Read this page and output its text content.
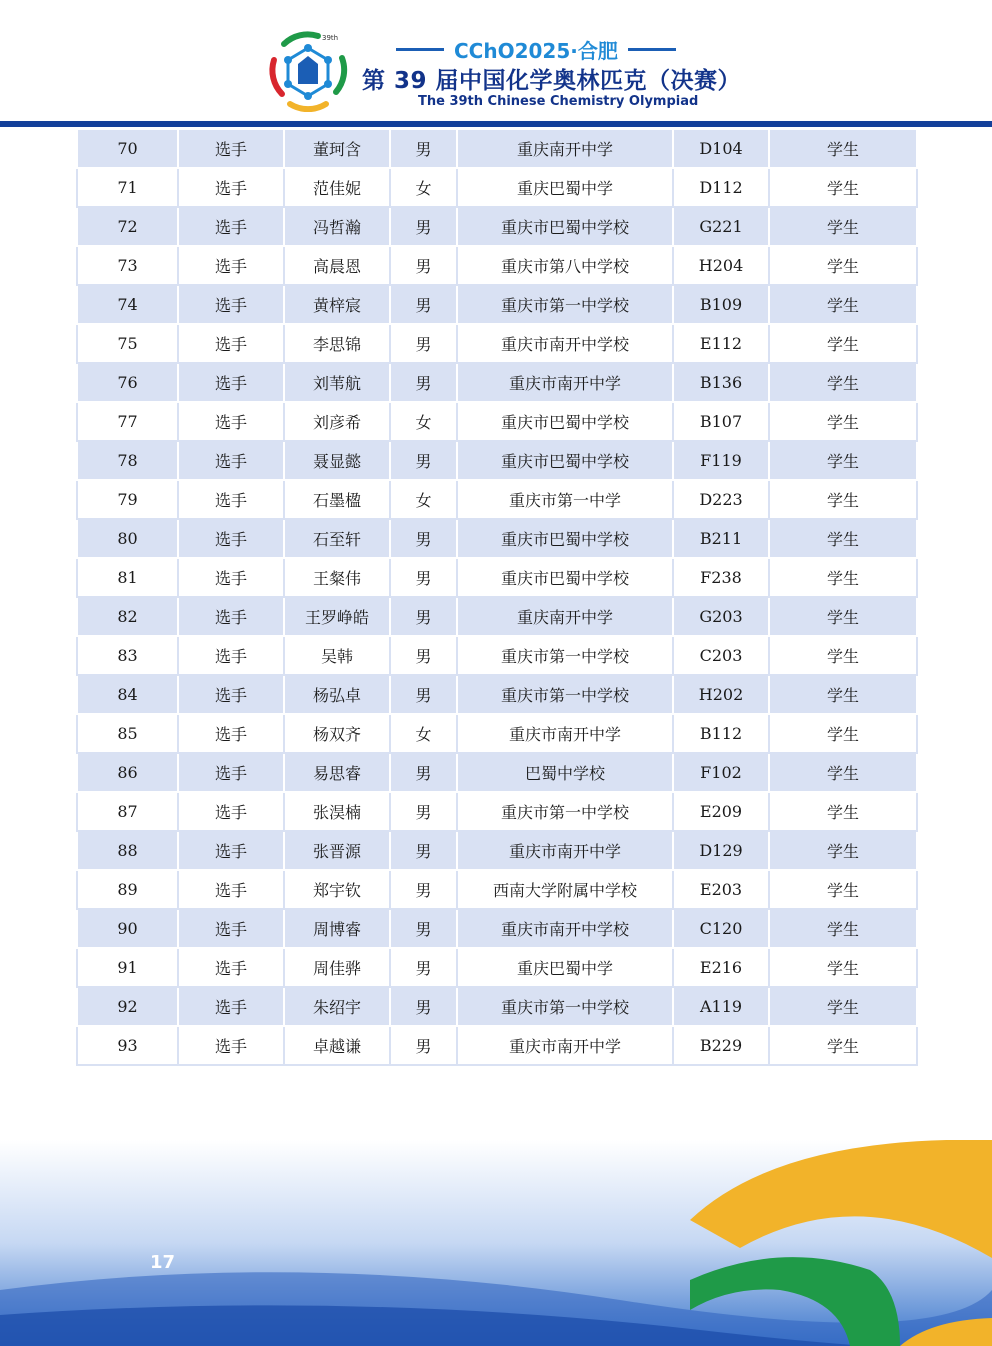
39th
CChO2025·合肥
第 39 届中国化学奥林匹克（决赛）
The 39th Chinese Chemistry Olympiad
70	选手	董珂含	男	重庆南开中学	D104	学生
71	选手	范佳妮	女	重庆巴蜀中学	D112	学生
72	选手	冯哲瀚	男	重庆市巴蜀中学校	G221	学生
73	选手	高晨恩	男	重庆市第八中学校	H204	学生
74	选手	黄梓宸	男	重庆市第一中学校	B109	学生
75	选手	李思锦	男	重庆市南开中学校	E112	学生
76	选手	刘苇航	男	重庆市南开中学	B136	学生
77	选手	刘彦希	女	重庆市巴蜀中学校	B107	学生
78	选手	聂显懿	男	重庆市巴蜀中学校	F119	学生
79	选手	石墨楹	女	重庆市第一中学	D223	学生
80	选手	石至轩	男	重庆市巴蜀中学校	B211	学生
81	选手	王粲伟	男	重庆市巴蜀中学校	F238	学生
82	选手	王罗峥皓	男	重庆南开中学	G203	学生
83	选手	吴韩	男	重庆市第一中学校	C203	学生
84	选手	杨弘卓	男	重庆市第一中学校	H202	学生
85	选手	杨双齐	女	重庆市南开中学	B112	学生
86	选手	易思睿	男	巴蜀中学校	F102	学生
87	选手	张淏楠	男	重庆市第一中学校	E209	学生
88	选手	张晋源	男	重庆市南开中学	D129	学生
89	选手	郑宇钦	男	西南大学附属中学校	E203	学生
90	选手	周博睿	男	重庆市南开中学校	C120	学生
91	选手	周佳骅	男	重庆巴蜀中学	E216	学生
92	选手	朱绍宇	男	重庆市第一中学校	A119	学生
93	选手	卓越谦	男	重庆市南开中学	B229	学生
17
